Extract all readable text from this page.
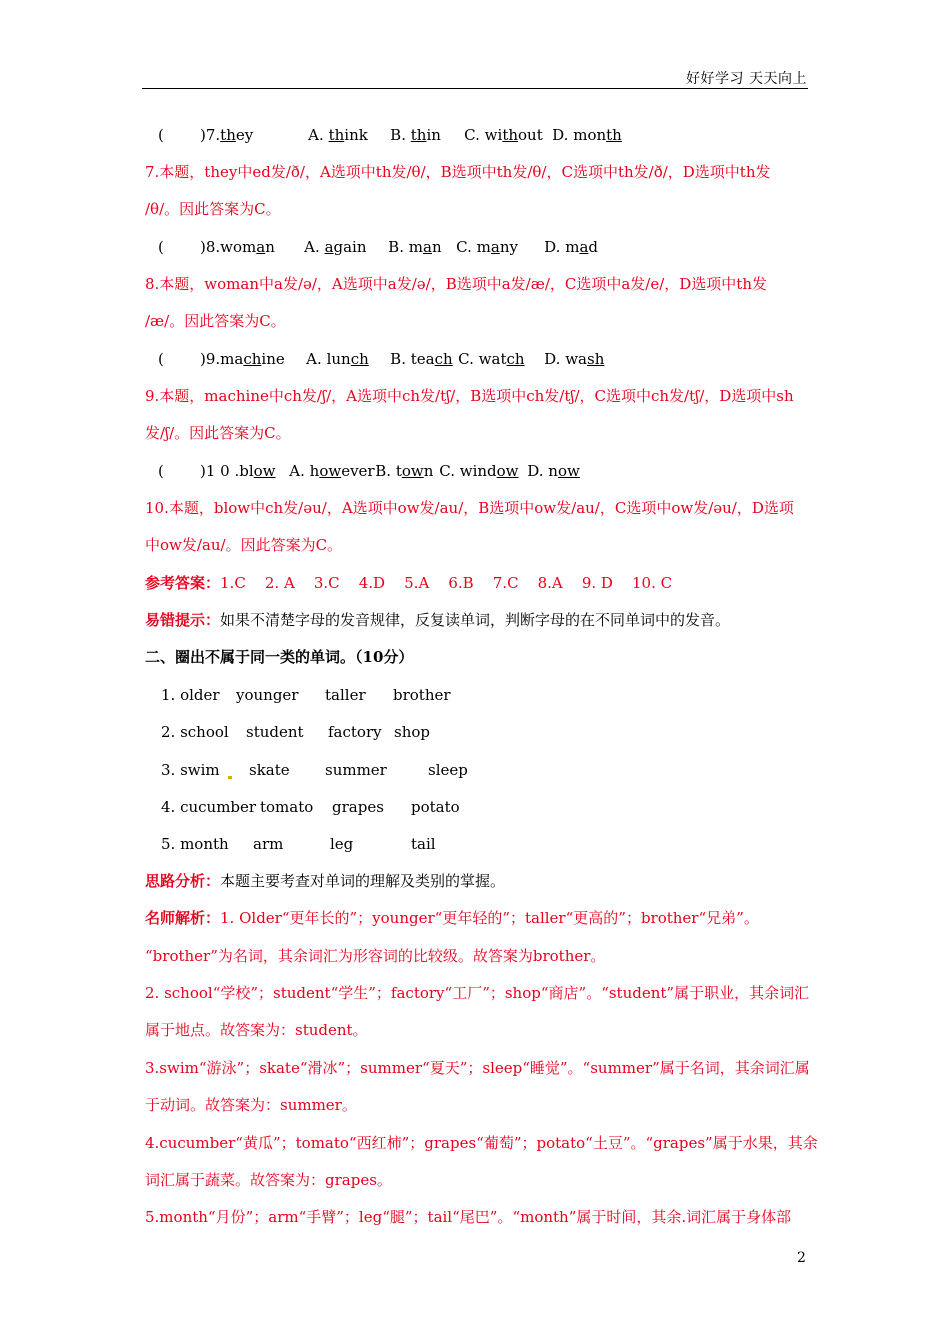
好好学习 天天向上
( )7.they	A. think B. thin C. without D. month
7.本题，they中ed发/ð/，A选项中th发/θ/，B选项中th发/θ/，C选项中th发/ð/，D选项中th发
/θ/。因此答案为C。
( )8.woman A. again B. man C. many D. mad
8.本题，woman中a发/ə/，A选项中a发/ə/，B选项中a发/æ/，C选项中a发/e/，D选项中th发
/æ/。因此答案为C。
( )9.machine A. lunch B. teach C. watch D. wash
9.本题，machine中ch发/ʃ/，A选项中ch发/tʃ/，B选项中ch发/tʃ/，C选项中ch发/tʃ/，D选项中sh
发/ʃ/。因此答案为C。
( )1 0 .blow A. howeverB. town C. window D. now
10.本题，blow中ch发/əu/，A选项中ow发/au/，B选项中ow发/au/，C选项中ow发/əu/，D选项
中ow发/au/。因此答案为C。
参考答案：1.C    2. A    3.C    4.D    5.A    6.B    7.C    8.A    9. D    10. C
易错提示：如果不清楚字母的发音规律，反复读单词，判断字母的在不同单词中的发音。
二、圈出不属于同一类的单词。（10分）
1. older younger taller brother
2. school student factory shop
3. swim	skate summer	sleep
4. cucumber tomato grapes potato
5. month arm	leg	tail
思路分析：本题主要考查对单词的理解及类别的掌握。
名师解析：1. Older“更年长的”；younger“更年轻的”；taller“更高的”；brother“兄弟”。
“brother”为名词，其余词汇为形容词的比较级。故答案为brother。
2. school“学校”；student“学生”；factory“工厂”；shop“商店”。“student”属于职业，其余词汇
属于地点。故答案为：student。
3.swim“游泳”；skate“滑冰”；summer“夏天”；sleep“睡觉”。“summer”属于名词，其余词汇属
于动词。故答案为：summer。
4.cucumber“黄瓜”；tomato“西红柿”；grapes“葡萄”；potato“土豆”。“grapes”属于水果，其余
词汇属于蔬菜。故答案为：grapes。
5.month“月份”；arm“手臂”；leg“腿”；tail“尾巴”。“month”属于时间，其余.词汇属于身体部
2
